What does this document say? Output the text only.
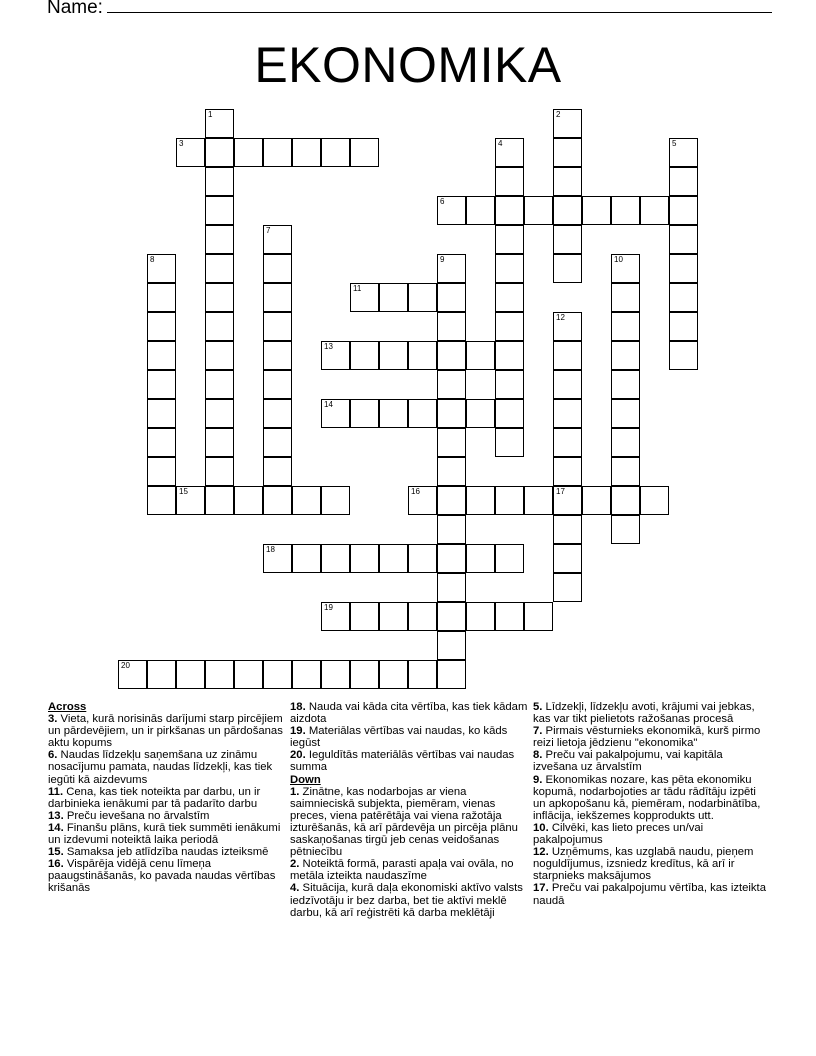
Name:
EKONOMIKA
1	2
3	4	5
6
7
8	9	10
11
12
17
13
14
15	16
18
19
20

Across

3. Vieta, kurā norisinās darījumi starp pircējiem un pārdevējiem, un ir pirkšanas un pārdošanas aktu kopums

6. Naudas līdzekļu saņemšana uz zināmu nosacījumu pamata, naudas līdzekļi, kas tiek iegūti kā aizdevums

11. Cena, kas tiek noteikta par darbu, un ir darbinieka ienākumi par tā padarīto darbu

13. Preču ievešana no ārvalstīm

14. Finanšu plāns, kurā tiek summēti ienākumi un izdevumi noteiktā laika periodā

15. Samaksa jeb atlīdzība naudas izteiksmē

16. Vispārēja vidējā cenu līmeņa paaugstināšanās, ko pavada naudas vērtības krišanās

18. Nauda vai kāda cita vērtība, kas tiek kādam aizdota

19. Materiālas vērtības vai naudas, ko kāds iegūst

20. Ieguldītās materiālās vērtības vai naudas summa

Down

1. Zinātne, kas nodarbojas ar viena saimnieciskā subjekta, piemēram, vienas preces, viena patērētāja vai viena ražotāja izturēšanās, kā arī pārdevēja un pircēja plānu saskaņošanas tirgū jeb cenas veidošanas pētniecību

2. Noteiktā formā, parasti apaļa vai ovāla, no metāla izteikta naudaszīme

4. Situācija, kurā daļa ekonomiski aktīvo valsts iedzīvotāju ir bez darba, bet tie aktīvi meklē darbu, kā arī reģistrēti kā darba meklētāji

5. Līdzekļi, līdzekļu avoti, krājumi vai jebkas, kas var tikt pielietots ražošanas procesā

7. Pirmais vēsturnieks ekonomikā, kurš pirmo reizi lietoja jēdzienu "ekonomika"

8. Preču vai pakalpojumu, vai kapitāla izvešana uz ārvalstīm

9. Ekonomikas nozare, kas pēta ekonomiku kopumā, nodarbojoties ar tādu rādītāju izpēti un apkopošanu kā, piemēram, nodarbinātība, inflācija, iekšzemes kopprodukts utt.

10. Cilvēki, kas lieto preces un/vai pakalpojumus

12. Uzņēmums, kas uzglabā naudu, pieņem noguldījumus, izsniedz kredītus, kā arī ir starpnieks maksājumos

17. Preču vai pakalpojumu vērtība, kas izteikta naudā
